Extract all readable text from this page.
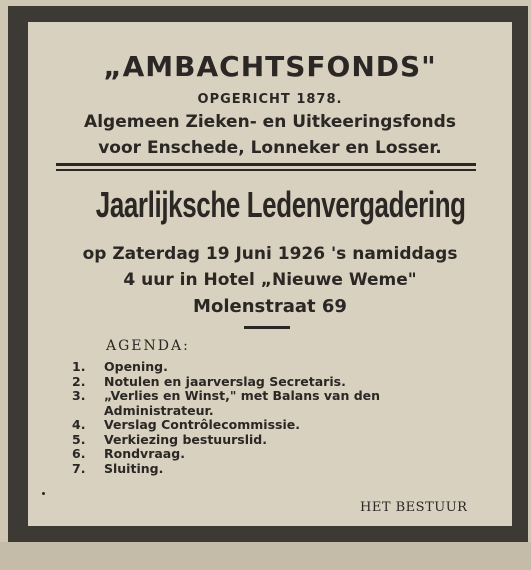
„AMBACHTSFONDS"
OPGERICHT 1878.
Algemeen Zieken- en Uitkeeringsfonds
voor Enschede, Lonneker en Losser.
Jaarlijksche Ledenvergadering
op Zaterdag 19 Juni 1926 's namiddags
4 uur in Hotel „Nieuwe Weme"
Molenstraat 69
AGENDA:
1.	Opening.
2.	Notulen en jaarverslag Secretaris.
3.	„Verlies en Winst," met Balans van den Administrateur.
4.	Verslag Contrôlecommissie.
5.	Verkiezing bestuurslid.
6.	Rondvraag.
7.	Sluiting.
HET BESTUUR
